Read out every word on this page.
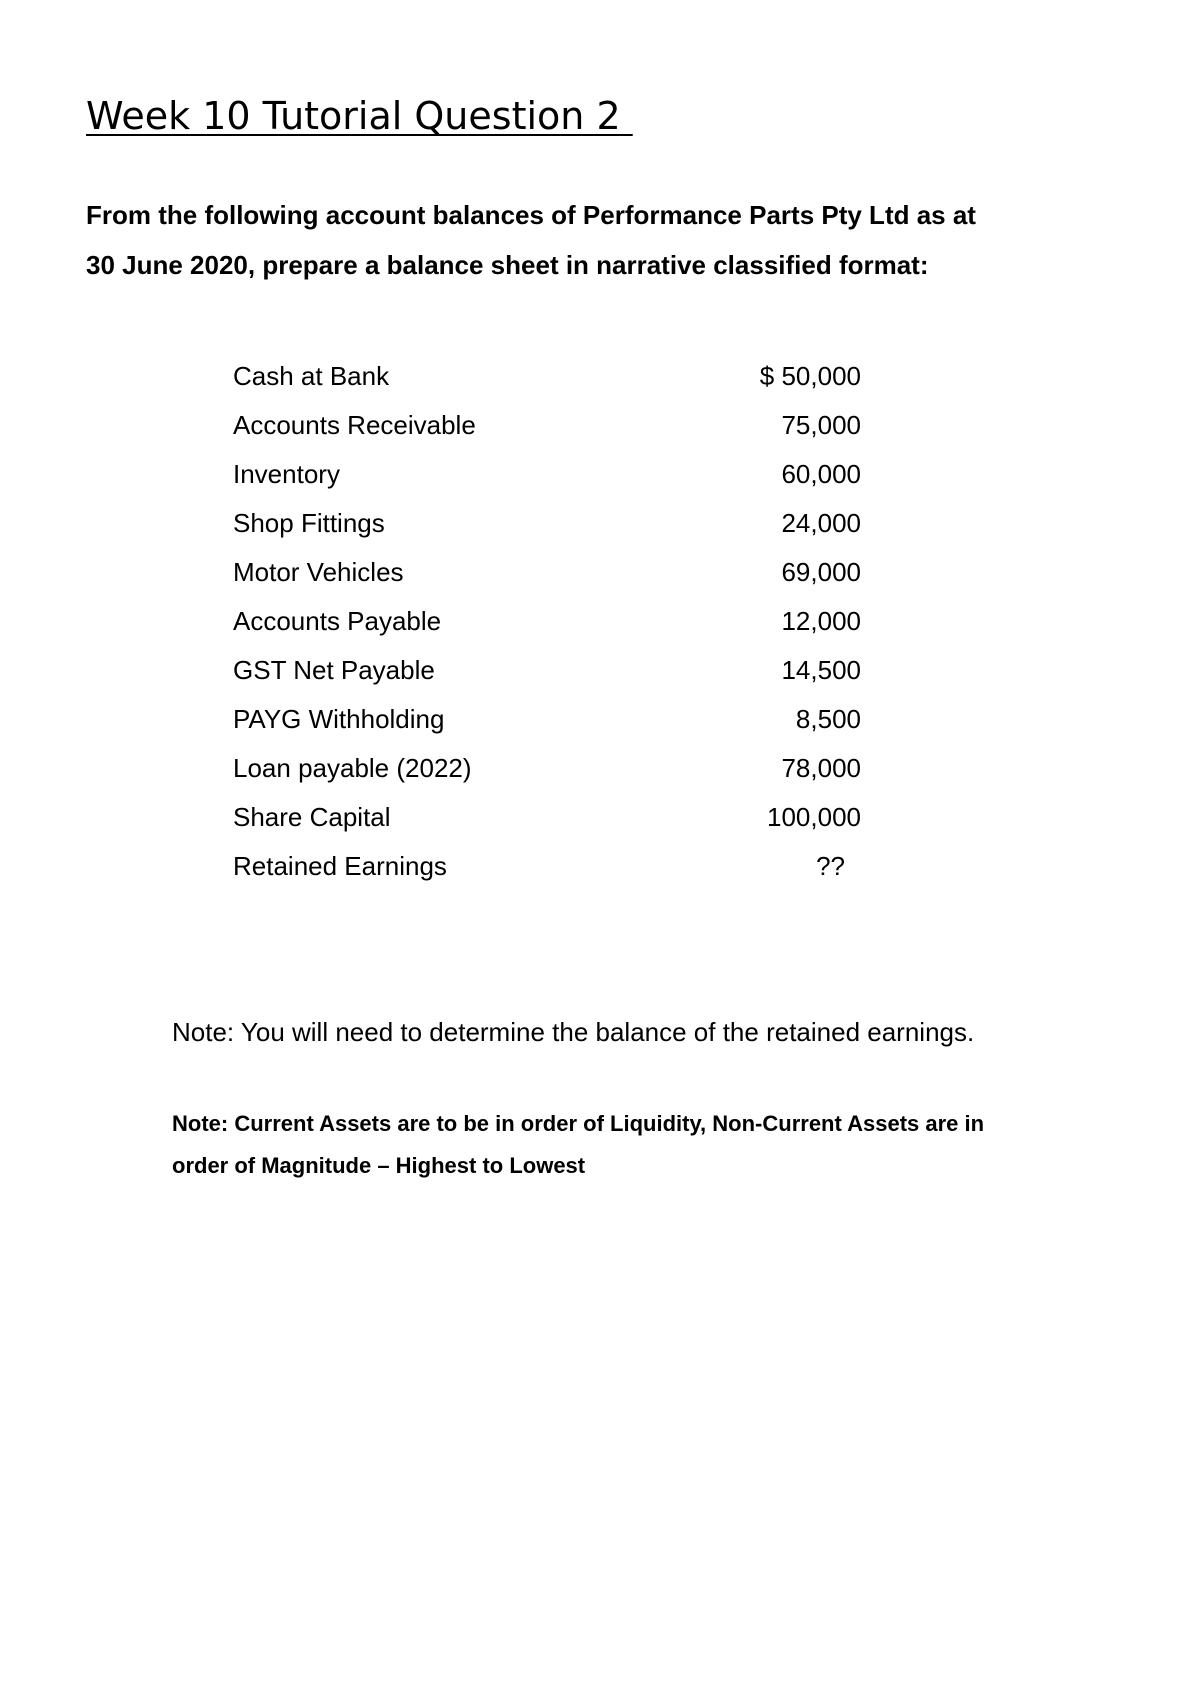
Week 10 Tutorial Question 2

From the following account balances of Performance Parts Pty Ltd as at
30 June 2020, prepare a balance sheet in narrative classified format:

Cash at Bank	$ 50,000
Accounts Receivable	75,000
Inventory	60,000
Shop Fittings	24,000
Motor Vehicles	69,000
Accounts Payable	12,000
GST Net Payable	14,500
PAYG Withholding	8,500
Loan payable (2022)	78,000
Share Capital	100,000
Retained Earnings	??

Note: You will need to determine the balance of the retained earnings.

Note: Current Assets are to be in order of Liquidity, Non-Current Assets are in
order of Magnitude – Highest to Lowest
